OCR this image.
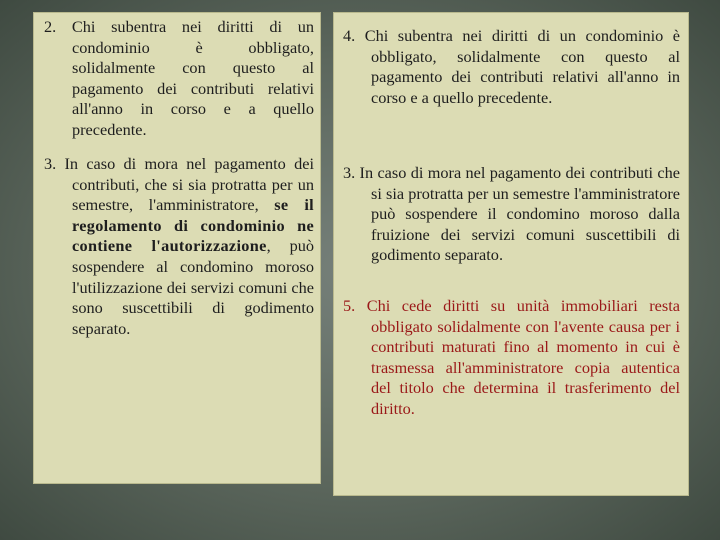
2. Chi subentra nei diritti di un condominio è obbligato, solidalmente con questo al pagamento dei contributi relativi all'anno in corso e a quello precedente.

3. In caso di mora nel pagamento dei contributi, che si sia protratta per un semestre, l'amministratore, se il regolamento di condominio ne contiene l'autorizzazione, può sospendere al condomino moroso l'utilizzazione dei servizi comuni che sono suscettibili di godimento separato.

4. Chi subentra nei diritti di un condominio è obbligato, solidalmente con questo al pagamento dei contributi relativi all'anno in corso e a quello precedente.

3. In caso di mora nel pagamento dei contributi che si sia protratta per un semestre l'amministratore può sospendere il condomino moroso dalla fruizione dei servizi comuni suscettibili di godimento separato.

5. Chi cede diritti su unità immobiliari resta obbligato solidalmente con l'avente causa per i contributi maturati fino al momento in cui è trasmessa all'amministratore copia autentica del titolo che determina il trasferimento del diritto.
